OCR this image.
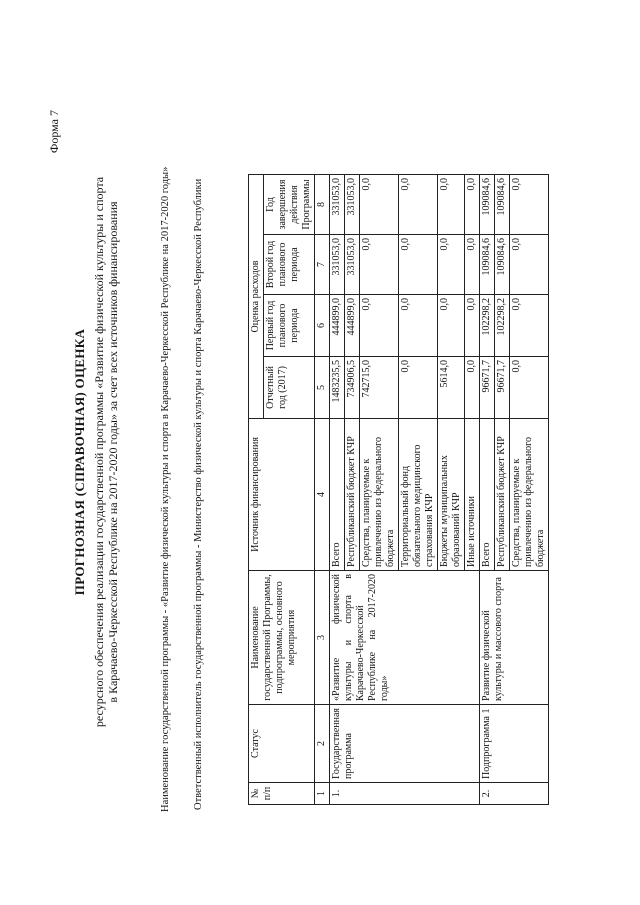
Форма 7
ПРОГНОЗНАЯ (СПРАВОЧНАЯ) ОЦЕНКА ресурсного обеспечения реализации государственной программы «Развитие физической культуры и спорта в Карачаево-Черкесской Республике на 2017-2020 годы» за счет всех источников финансирования	Наименование государственной программы - «Развитие физической культуры и спорта в Карачаево-Черкесской Республике на 2017-2020 годы» Ответственный исполнитель государственной программы - Министерство физической культуры и спорта Карачаево-Черкесской Республики	№ п/п	Статус	Наименование государственной Программы, подпрограммы, основного мероприятия	Источник финансирования	Оценка расходов			
				Отчетный год (2017)	Первый год планового периода	Второй год планового периода	Год завершения действия Программы
1	2	3	4	5	6	7	8
1.	Государственная программа	«Развитие физической культуры и спорта в Карачаево-Черкесской Республике на 2017-2020 годы»	Всего	1483235,5	444899,0	331053,0	331053,0
			Республиканский бюджет КЧР	734906,5	444899,0	331053,0	331053,0
			Средства, планируемые к привлечению из федерального бюджета	742715,0	0,0	0,0	0,0
			Территориальный фонд обязательного медицинского страхования КЧР	0,0	0,0	0,0	0,0
			Бюджеты муниципальных образований КЧР	5614,0	0,0	0,0	0,0
			Иные источники	0,0	0,0	0,0	0,0
2.	Подпрограмма 1	Развитие физической культуры и массового спорта	Всего	96671,7	102298,2	109084,6	109084,6
			Республиканский бюджет КЧР	96671,7	102298,2	109084,6	109084,6
			Средства, планируемые к привлечению из федерального бюджета	0,0	0,0	0,0	0,0
